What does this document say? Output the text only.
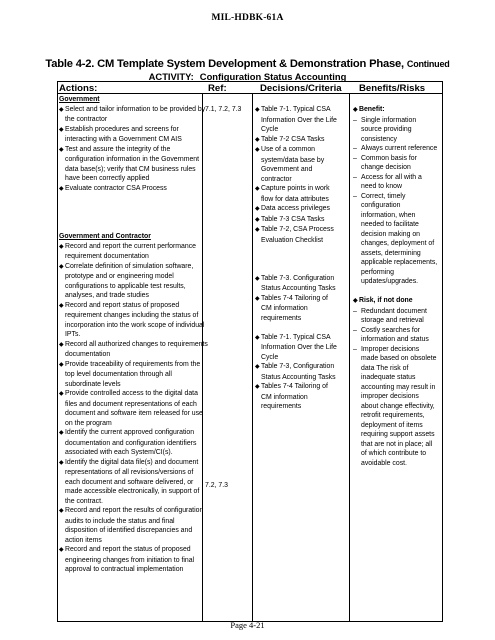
MIL-HDBK-61A
Table 4-2. CM Template System Development & Demonstration Phase, Continued
ACTIVITY: Configuration Status Accounting
Actions:	Ref:	Decisions/Criteria Benefits/Risks
Government
◆Select and tailor information to be provided by
the contractor
◆Establish procedures and screens for
interacting with a Government CM AIS
◆Test and assure the integrity of the
configuration information in the Government
data base(s); verify that CM business rules
have been correctly applied
◆Evaluate contractor CSA Process
Government and Contractor
◆Record and report the current performance
requirement documentation
◆Correlate definition of simulation software,
prototype and or engineering model
configurations to applicable test results,
analyses, and trade studies
◆Record and report status of proposed
requirement changes including the status of
incorporation into the work scope of individual
IPTs.
◆Record all authorized changes to requirements
documentation
◆Provide traceability of requirements from the
top level documentation through all
subordinate levels
◆Provide controlled access to the digital data
files and document representations of each
document and software item released for use
on the program
◆Identify the current approved configuration
documentation and configuration identifiers
associated with each System/CI(s).
◆Identify the digital data file(s) and document
representations of all revisions/versions of
each document and software delivered, or
made accessible electronically, in support of
the contract.
◆Record and report the results of configuration
audits to include the status and final
disposition of identified discrepancies and
action items
◆Record and report the status of proposed
engineering changes from initiation to final
approval to contractual implementation
7.1, 7.2, 7.3
7.2, 7.3
◆Table 7-1. Typical CSA
Information Over the Life
Cycle
◆Table 7-2 CSA Tasks
◆Use of a common
system/data base by
Government and
contractor
◆Capture points in work
flow for data attributes
◆Data access privileges
◆Table 7-3 CSA Tasks
◆Table 7-2, CSA Process
Evaluation Checklist
◆Table 7-3. Configuration
Status Accounting Tasks
◆Tables 7-4 Tailoring of
CM information
requirements
◆Table 7-1. Typical CSA
Information Over the Life
Cycle
◆Table 7-3, Configuration
Status Accounting Tasks
◆Tables 7-4 Tailoring of
CM information
requirements
◆Benefit:
– Single information
source providing
consistency
– Always current reference
– Common basis for
change decision
– Access for all with a
need to know
– Correct, timely
configuration
information, when
needed to facilitate
decision making on
changes, deployment of
assets, determining
applicable replacements,
performing
updates/upgrades.
◆Risk, if not done
– Redundant document
storage and retrieval
– Costly searches for
information and status
– Improper decisions
made based on obsolete
data The risk of
inadequate status
accounting may result in
improper decisions
about change effectivity,
retrofit requirements,
deployment of items
requiring support assets
that are not in place; all
of which contribute to
avoidable cost.
Page 4-21
